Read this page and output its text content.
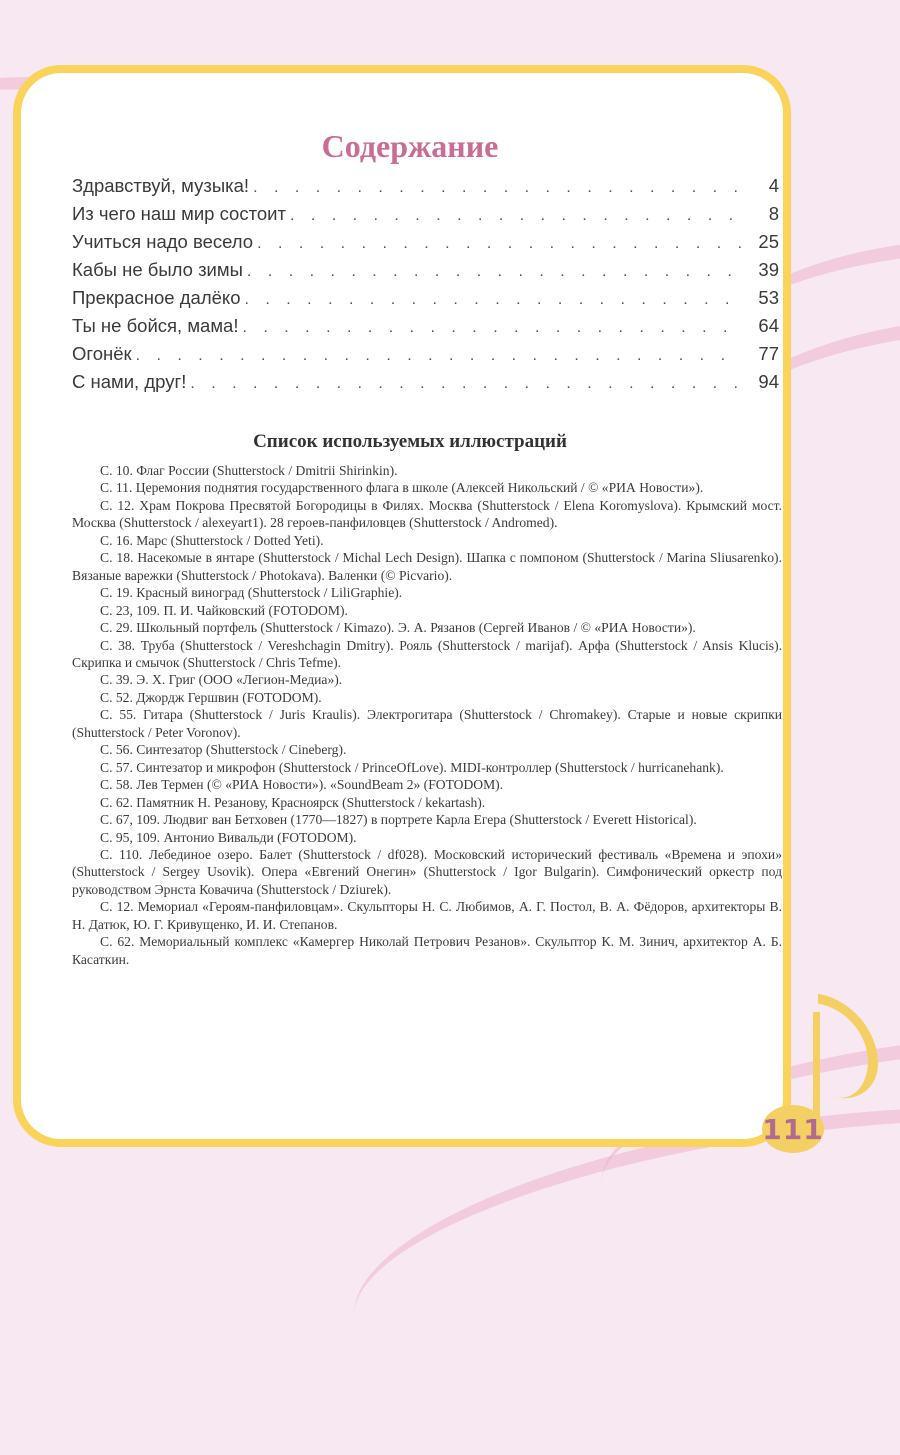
111
Содержание
Здравствуй, музыка! . . .	4
Из чего наш мир состоит . . .	8
Учиться надо весело . . .	25
Кабы не было зимы . . .	39
Прекрасное далёко . . .	53
Ты не бойся, мама! . . .	64
Огонёк . . .	77
С нами, друг! . . .	94
Список используемых иллюстраций

С. 10. Флаг России (Shutterstock / Dmitrii Shirinkin).

С. 11. Церемония поднятия государственного флага в школе (Алексей Никольский / © «РИА Новости»).

С. 12. Храм Покрова Пресвятой Богородицы в Филях. Москва (Shutterstock / Elena Koromyslova). Крымский мост. Москва (Shutterstock / alexeyart1). 28 героев-панфиловцев (Shutterstock / Andromed).

С. 16. Марс (Shutterstock / Dotted Yeti).

С. 18. Насекомые в янтаре (Shutterstock / Michal Lech Design). Шапка с помпоном (Shutterstock / Marina Sliusarenko). Вязаные варежки (Shutterstock / Photokava). Валенки (© Picvario).

С. 19. Красный виноград (Shutterstock / LiliGraphie).

С. 23, 109. П. И. Чайковский (FOTODOM).

С. 29. Школьный портфель (Shutterstock / Kimazo). Э. А. Рязанов (Сергей Иванов / © «РИА Новости»).

С. 38. Труба (Shutterstock / Vereshchagin Dmitry). Рояль (Shutterstock / marijaf). Арфа (Shutterstock / Ansis Klucis). Скрипка и смычок (Shutterstock / Chris Tefme).

С. 39. Э. Х. Григ (ООО «Легион-Медиа»).

С. 52. Джордж Гершвин (FOTODOM).

С. 55. Гитара (Shutterstock / Juris Kraulis). Электрогитара (Shutterstock / Chromakey). Старые и новые скрипки (Shutterstock / Peter Voronov).

С. 56. Синтезатор (Shutterstock / Cineberg).

С. 57. Синтезатор и микрофон (Shutterstock / PrinceOfLove). MIDI-контроллер (Shutterstock / hurricanehank).

С. 58. Лев Термен (© «РИА Новости»). «SoundBeam 2» (FOTODOM).

С. 62. Памятник Н. Резанову, Красноярск (Shutterstock / kekartash).

С. 67, 109. Людвиг ван Бетховен (1770—1827) в портрете Карла Егера (Shutterstock / Everett Historical).

С. 95, 109. Антонио Вивальди (FOTODOM).

С. 110. Лебединое озеро. Балет (Shutterstock / df028). Московский исторический фестиваль «Времена и эпохи» (Shutterstock / Sergey Usovik). Опера «Евгений Онегин» (Shutterstock / Igor Bulgarin). Симфонический оркестр под руководством Эрнста Ковачича (Shutterstock / Dziurek).

С. 12. Мемориал «Героям-панфиловцам». Скульпторы Н. С. Любимов, А. Г. Постол, В. А. Фёдоров, архитекторы В. Н. Датюк, Ю. Г. Кривущенко, И. И. Степанов.

С. 62. Мемориальный комплекс «Камергер Николай Петрович Резанов». Скульптор К. М. Зинич, архитектор А. Б. Касаткин.
